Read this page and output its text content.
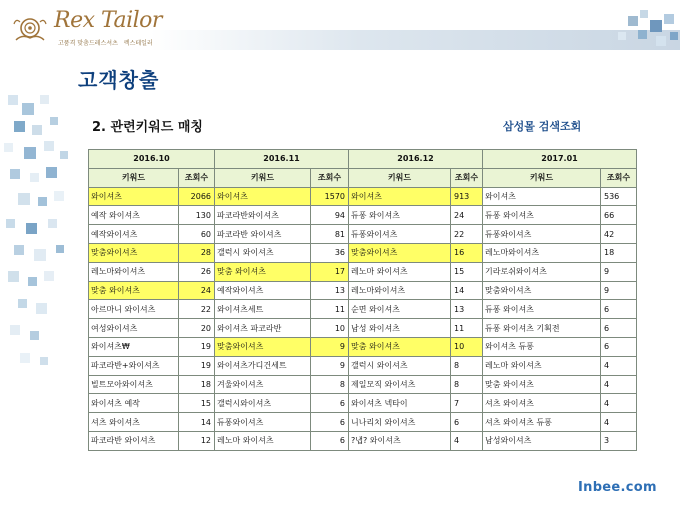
Rex Tailor
고품격 맞춤드레스셔츠 렉스테일러
고객창출
2. 관련키워드 매칭	삼성몰 검색조회
2016.10		2016.11		2016.12		2017.01	
키워드	조회수	키워드	조회수	키워드	조회수	키워드	조회수
와이셔츠	2066	와이셔츠	1570	와이셔츠	913	와이셔츠	536
예작 와이셔츠	130	파코라반와이셔츠	94	듀퐁 와이셔츠	24	듀퐁 와이셔츠	66
예작와이셔츠	60	파코라반 와이셔츠	81	듀퐁와이셔츠	22	듀퐁와이셔츠	42
맞춤와이셔츠	28	갤럭시 와이셔츠	36	맞춤와이셔츠	16	레노마와이셔츠	18
레노마와이셔츠	26	맞춤 와이셔츠	17	레노마 와이셔츠	15	기라로쉬와이셔츠	9
맞춤 와이셔츠	24	예작와이셔츠	13	레노마와이셔츠	14	맞춤와이셔츠	9
아르마니 와이셔츠	22	와이셔츠세트	11	순면 와이셔츠	13	듀퐁 와이셔츠	6
여성와이셔츠	20	와이셔츠 파코라반	10	남성 와이셔츠	11	듀퐁 와이셔츠 기획전	6
와이셔츠₩	19	맞춤와이셔츠	9	맞춤 와이셔츠	10	와이셔츠 듀퐁	6
파코라반+와이셔츠	19	와이셔츠가디건세트	9	갤럭시 와이셔츠	8	레노마 와이셔츠	4
빌트모아와이셔츠	18	겨울와이셔츠	8	제일모직 와이셔츠	8	맞춤 와이셔츠	4
와이셔츠 예작	15	갤럭시와이셔츠	6	와이셔츠 넥타이	7	셔츠 와이셔츠	4
셔츠 와이셔츠	14	듀퐁와이셔츠	6	니나리치 와이셔츠	6	셔츠 와이셔츠 듀퐁	4
파코라반 와이셔츠	12	레노마 와이셔츠	6	?냅? 와이셔츠	4	남성와이셔츠	3
Inbee.com
